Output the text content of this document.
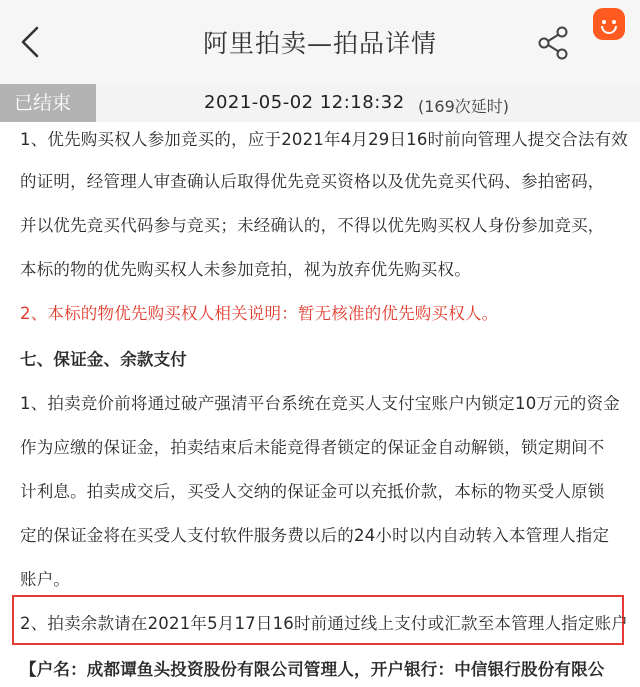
阿里拍卖—拍品详情
已结束	2021-05-02 12:18:32 (169次延时)
1、优先购买权人参加竞买的，应于2021年4月29日16时前向管理人提交合法有效
的证明，经管理人审查确认后取得优先竞买资格以及优先竞买代码、参拍密码，
并以优先竞买代码参与竞买；未经确认的，不得以优先购买权人身份参加竞买，
本标的物的优先购买权人未参加竞拍，视为放弃优先购买权。
2、本标的物优先购买权人相关说明：暂无核准的优先购买权人。
七、保证金、余款支付
1、拍卖竞价前将通过破产强清平台系统在竞买人支付宝账户内锁定10万元的资金
作为应缴的保证金，拍卖结束后未能竞得者锁定的保证金自动解锁，锁定期间不
计利息。拍卖成交后，买受人交纳的保证金可以充抵价款，本标的物买受人原锁
定的保证金将在买受人支付软件服务费以后的24小时以内自动转入本管理人指定
账户。
2、拍卖余款请在2021年5月17日16时前通过线上支付或汇款至本管理人指定账户
【户名：成都谭鱼头投资股份有限公司管理人，开户银行：中信银行股份有限公
